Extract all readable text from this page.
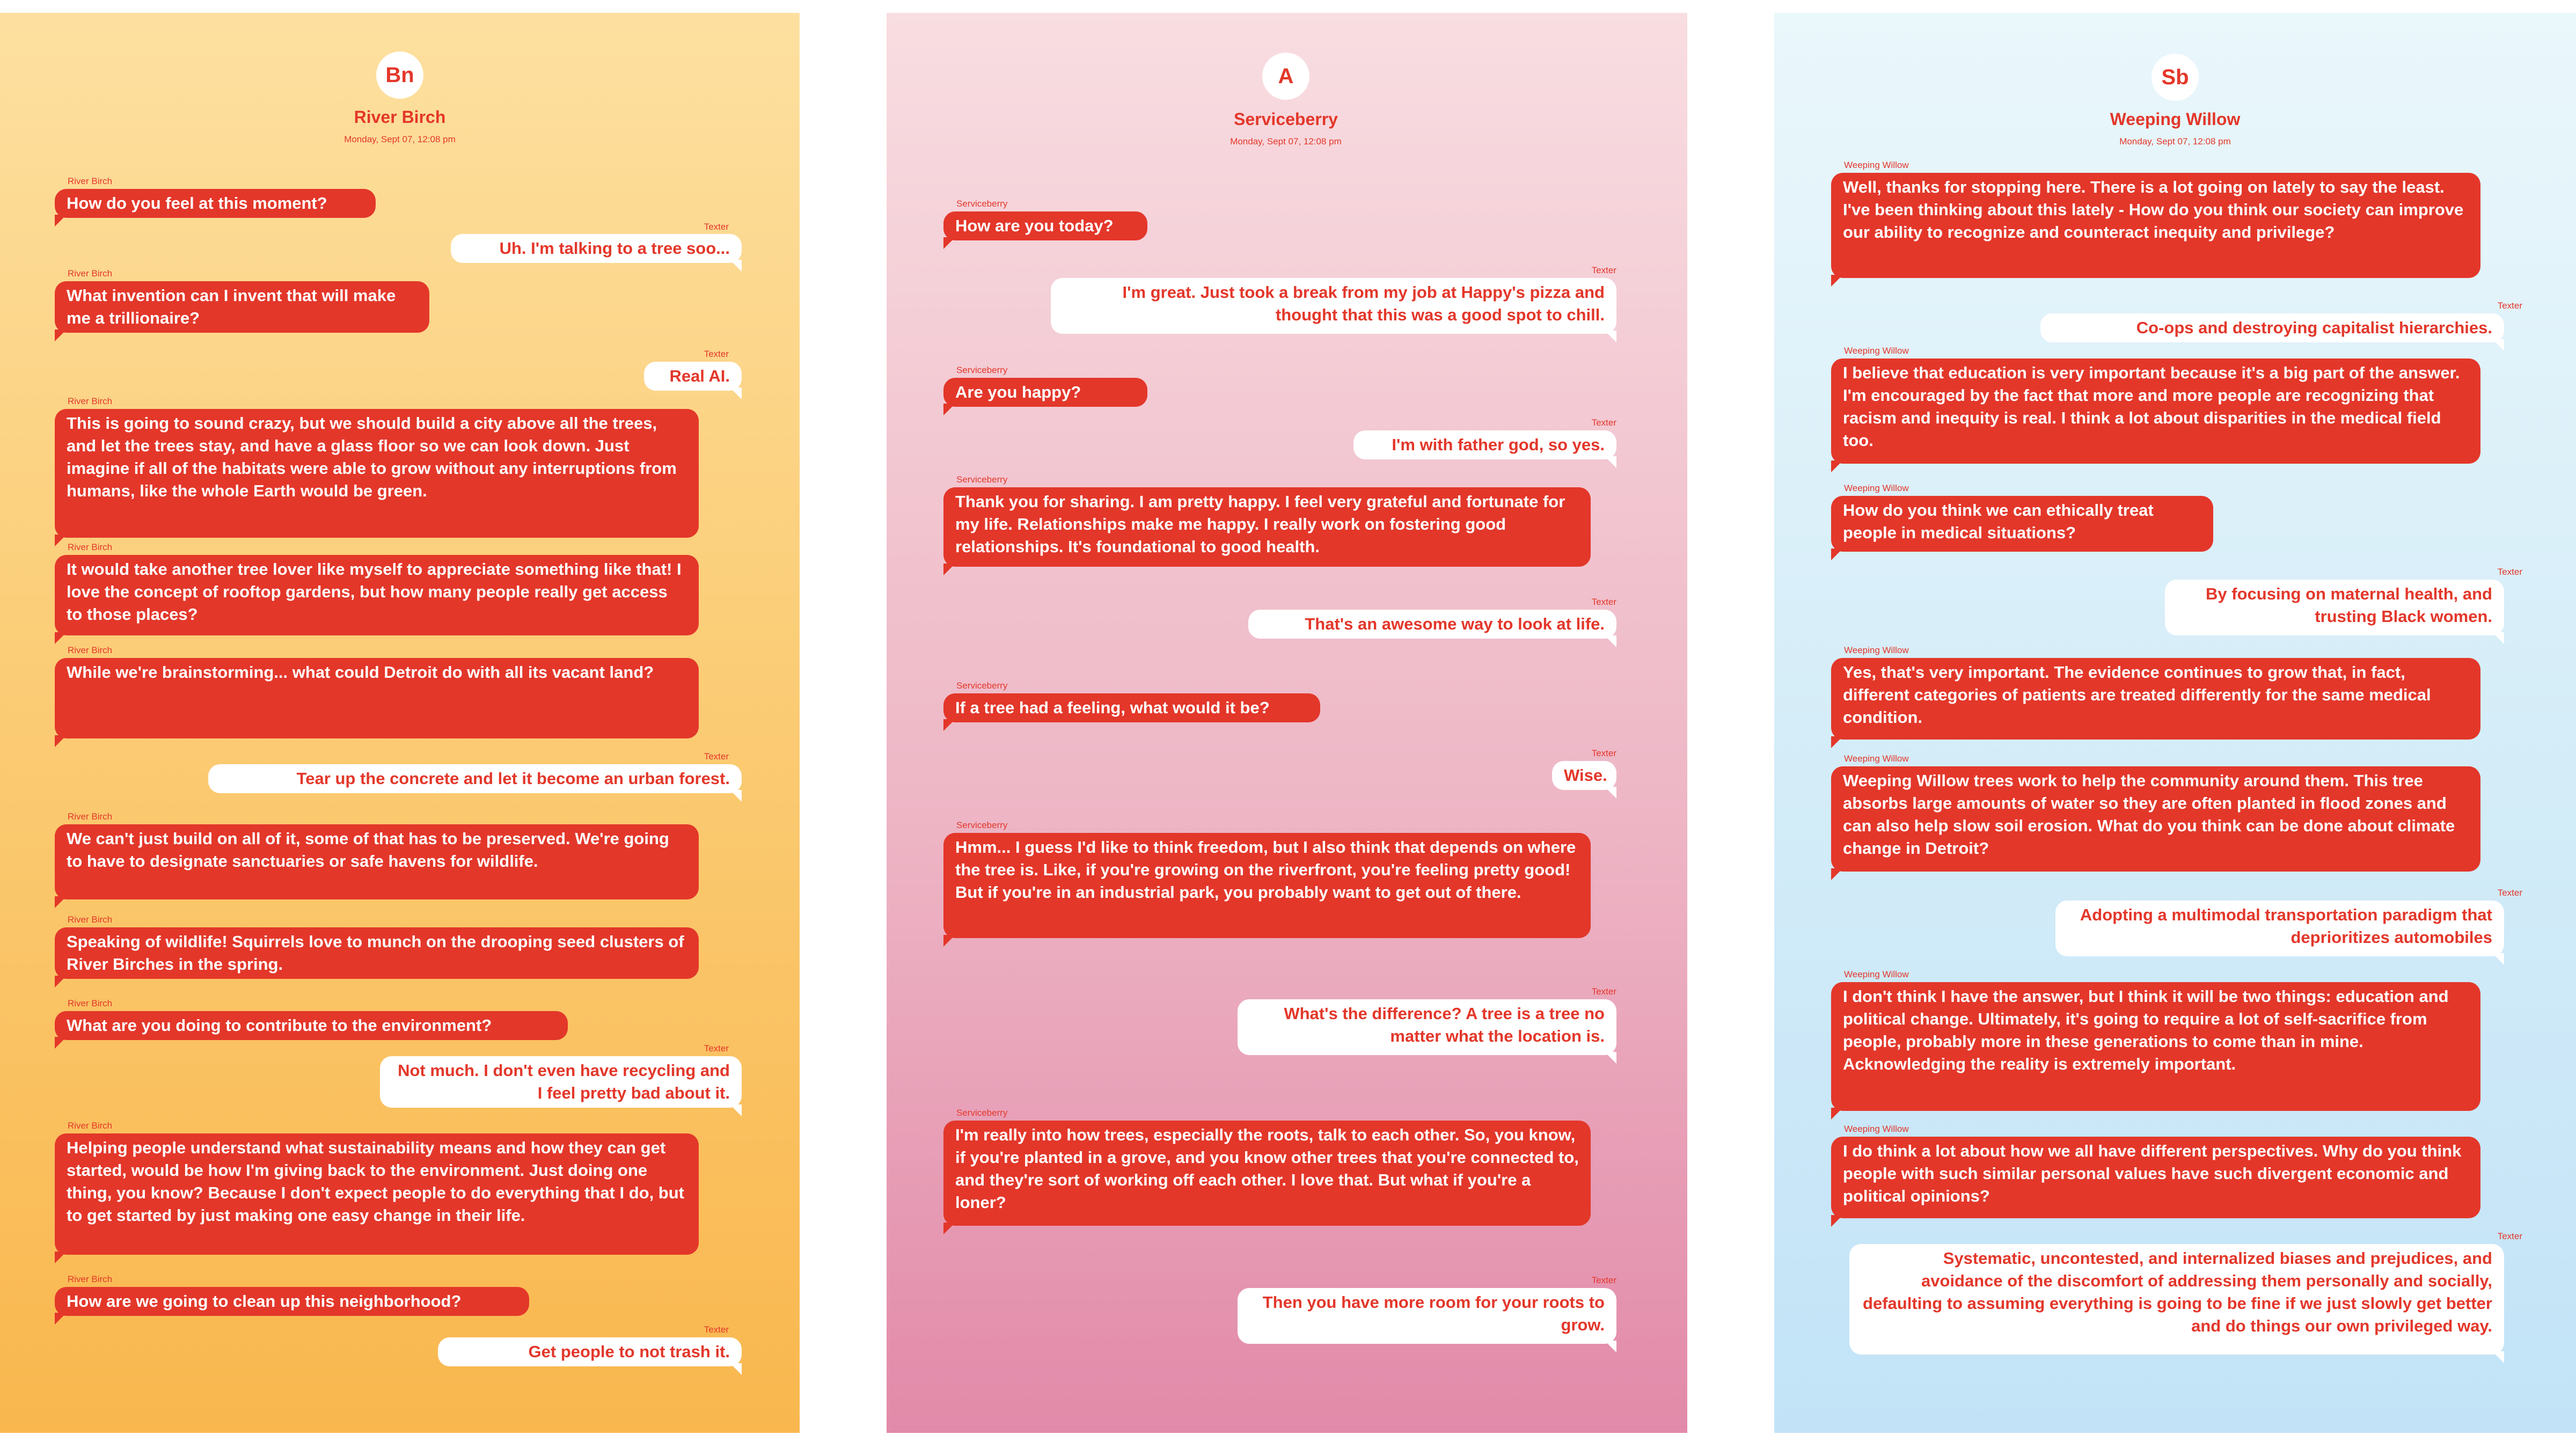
Bn
River Birch
Monday, Sept 07, 12:08 pm
River Birch
How do you feel at this moment?
Texter
Uh. I'm talking to a tree soo...
River Birch
What invention can I invent that will make me a trillionaire?
Texter
Real AI.
River Birch
This is going to sound crazy, but we should build a city above all the trees, and let the trees stay, and have a glass floor so we can look down. Just imagine if all of the habitats were able to grow without any interruptions from humans, like the whole Earth would be green.
River Birch
It would take another tree lover like myself to appreciate something like that! I love the concept of rooftop gardens, but how many people really get access to those places?
River Birch
While we're brainstorming... what could Detroit do with all its vacant land?
Texter
Tear up the concrete and let it become an urban forest.
River Birch
We can't just build on all of it, some of that has to be preserved. We're going to have to designate sanctuaries or safe havens for wildlife.
River Birch
Speaking of wildlife! Squirrels love to munch on the drooping seed clusters of River Birches in the spring.
River Birch
What are you doing to contribute to the environment?
Texter
Not much. I don't even have recycling and I feel pretty bad about it.
River Birch
Helping people understand what sustainability means and how they can get started, would be how I'm giving back to the environment. Just doing one thing, you know? Because I don't expect people to do everything that I do, but to get started by just making one easy change in their life.
River Birch
How are we going to clean up this neighborhood?
Texter
Get people to not trash it.
A
Serviceberry
Monday, Sept 07, 12:08 pm
Serviceberry
How are you today?
Texter
I'm great. Just took a break from my job at Happy's pizza and thought that this was a good spot to chill.
Serviceberry
Are you happy?
Texter
I'm with father god, so yes.
Serviceberry
Thank you for sharing. I am pretty happy. I feel very grateful and fortunate for my life. Relationships make me happy. I really work on fostering good relationships. It's foundational to good health.
Texter
That's an awesome way to look at life.
Serviceberry
If a tree had a feeling, what would it be?
Texter
Wise.
Serviceberry
Hmm... I guess I'd like to think freedom, but I also think that depends on where the tree is. Like, if you're growing on the riverfront, you're feeling pretty good! But if you're in an industrial park, you probably want to get out of there.
Texter
What's the difference? A tree is a tree no matter what the location is.
Serviceberry
I'm really into how trees, especially the roots, talk to each other. So, you know, if you're planted in a grove, and you know other trees that you're connected to, and they're sort of working off each other. I love that. But what if you're a loner?
Texter
Then you have more room for your roots to grow.
Sb
Weeping Willow
Monday, Sept 07, 12:08 pm
Weeping Willow
Well, thanks for stopping here. There is a lot going on lately to say the least. I've been thinking about this lately - How do you think our society can improve our ability to recognize and counteract inequity and privilege?
Texter
Co-ops and destroying capitalist hierarchies.
Weeping Willow
I believe that education is very important because it's a big part of the answer. I'm encouraged by the fact that more and more people are recognizing that racism and inequity is real. I think a lot about disparities in the medical field too.
Weeping Willow
How do you think we can ethically treat people in medical situations?
Texter
By focusing on maternal health, and trusting Black women.
Weeping Willow
Yes, that's very important. The evidence continues to grow that, in fact, different categories of patients are treated differently for the same medical condition.
Weeping Willow
Weeping Willow trees work to help the community around them. This tree absorbs large amounts of water so they are often planted in flood zones and can also help slow soil erosion. What do you think can be done about climate change in Detroit?
Texter
Adopting a multimodal transportation paradigm that deprioritizes automobiles
Weeping Willow
I don't think I have the answer, but I think it will be two things: education and political change. Ultimately, it's going to require a lot of self-sacrifice from people, probably more in these generations to come than in mine. Acknowledging the reality is extremely important.
Weeping Willow
I do think a lot about how we all have different perspectives. Why do you think people with such similar personal values have such divergent economic and political opinions?
Texter
Systematic, uncontested, and internalized biases and prejudices, and avoidance of the discomfort of addressing them personally and socially, defaulting to assuming everything is going to be fine if we just slowly get better and do things our own privileged way.
